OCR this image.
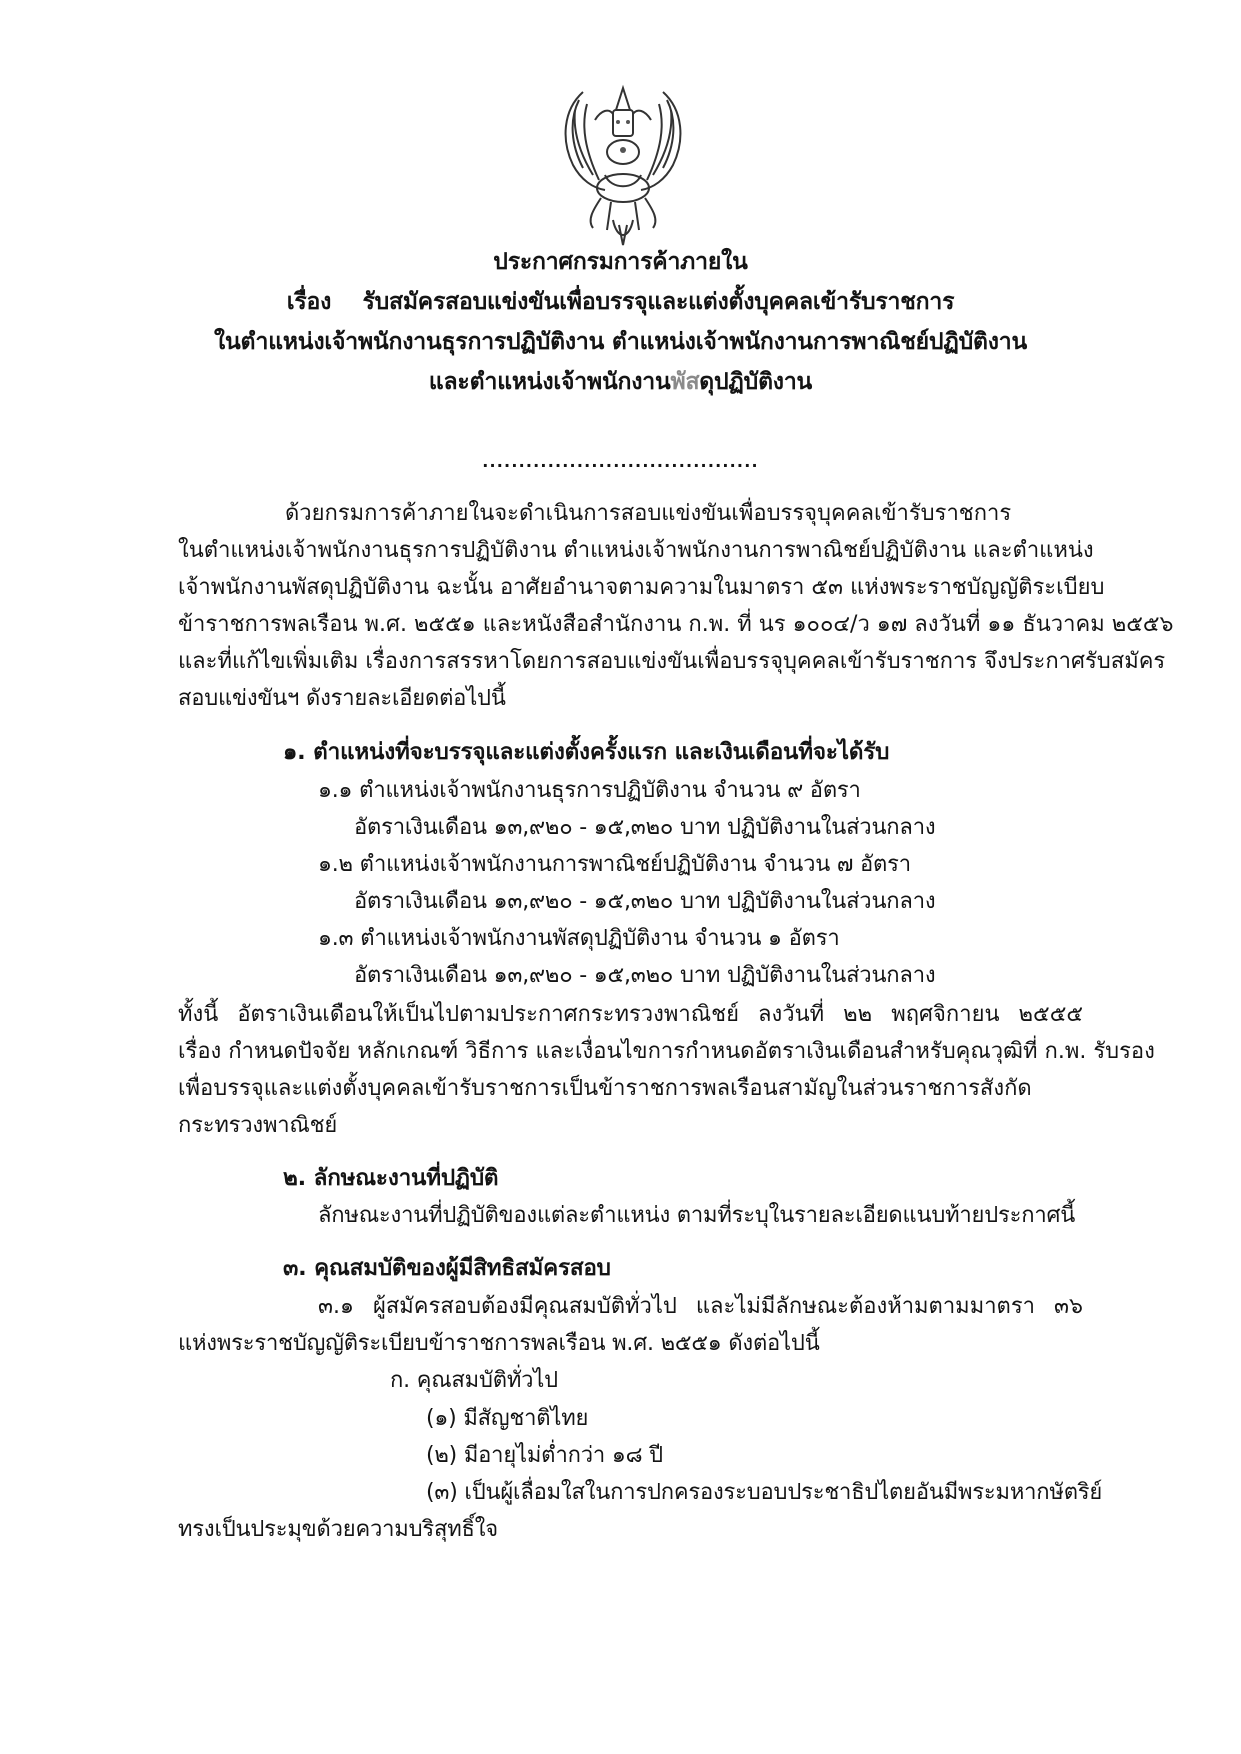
ประกาศกรมการค้าภายใน
เรื่อง รับสมัครสอบแข่งขันเพื่อบรรจุและแต่งตั้งบุคคลเข้ารับราชการ
ในตำแหน่งเจ้าพนักงานธุรการปฏิบัติงาน ตำแหน่งเจ้าพนักงานการพาณิชย์ปฏิบัติงาน
และตำแหน่งเจ้าพนักงานพัสดุปฏิบัติงาน
......................................
ด้วยกรมการค้าภายในจะดำเนินการสอบแข่งขันเพื่อบรรจุบุคคลเข้ารับราชการ
ในตำแหน่งเจ้าพนักงานธุรการปฏิบัติงาน ตำแหน่งเจ้าพนักงานการพาณิชย์ปฏิบัติงาน และตำแหน่ง
เจ้าพนักงานพัสดุปฏิบัติงาน ฉะนั้น อาศัยอำนาจตามความในมาตรา ๕๓ แห่งพระราชบัญญัติระเบียบ
ข้าราชการพลเรือน พ.ศ. ๒๕๕๑ และหนังสือสำนักงาน ก.พ. ที่ นร ๑๐๐๔/ว ๑๗ ลงวันที่ ๑๑ ธันวาคม ๒๕๕๖
และที่แก้ไขเพิ่มเติม เรื่องการสรรหาโดยการสอบแข่งขันเพื่อบรรจุบุคคลเข้ารับราชการ จึงประกาศรับสมัคร
สอบแข่งขันฯ ดังรายละเอียดต่อไปนี้
๑. ตำแหน่งที่จะบรรจุและแต่งตั้งครั้งแรก และเงินเดือนที่จะได้รับ
๑.๑ ตำแหน่งเจ้าพนักงานธุรการปฏิบัติงาน จำนวน ๙ อัตรา
อัตราเงินเดือน ๑๓,๙๒๐ - ๑๕,๓๒๐ บาท ปฏิบัติงานในส่วนกลาง
๑.๒ ตำแหน่งเจ้าพนักงานการพาณิชย์ปฏิบัติงาน จำนวน ๗ อัตรา
อัตราเงินเดือน ๑๓,๙๒๐ - ๑๕,๓๒๐ บาท ปฏิบัติงานในส่วนกลาง
๑.๓ ตำแหน่งเจ้าพนักงานพัสดุปฏิบัติงาน จำนวน ๑ อัตรา
อัตราเงินเดือน ๑๓,๙๒๐ - ๑๕,๓๒๐ บาท ปฏิบัติงานในส่วนกลาง
ทั้งนี้ อัตราเงินเดือนให้เป็นไปตามประกาศกระทรวงพาณิชย์ ลงวันที่ ๒๒ พฤศจิกายน ๒๕๕๕
เรื่อง กำหนดปัจจัย หลักเกณฑ์ วิธีการ และเงื่อนไขการกำหนดอัตราเงินเดือนสำหรับคุณวุฒิที่ ก.พ. รับรอง
เพื่อบรรจุและแต่งตั้งบุคคลเข้ารับราชการเป็นข้าราชการพลเรือนสามัญในส่วนราชการสังกัด
กระทรวงพาณิชย์
๒. ลักษณะงานที่ปฏิบัติ
ลักษณะงานที่ปฏิบัติของแต่ละตำแหน่ง ตามที่ระบุในรายละเอียดแนบท้ายประกาศนี้
๓. คุณสมบัติของผู้มีสิทธิสมัครสอบ
๓.๑ ผู้สมัครสอบต้องมีคุณสมบัติทั่วไป และไม่มีลักษณะต้องห้ามตามมาตรา ๓๖
แห่งพระราชบัญญัติระเบียบข้าราชการพลเรือน พ.ศ. ๒๕๕๑ ดังต่อไปนี้
ก. คุณสมบัติทั่วไป
(๑) มีสัญชาติไทย
(๒) มีอายุไม่ต่ำกว่า ๑๘ ปี
(๓) เป็นผู้เลื่อมใสในการปกครองระบอบประชาธิปไตยอันมีพระมหากษัตริย์
ทรงเป็นประมุขด้วยความบริสุทธิ์ใจ
